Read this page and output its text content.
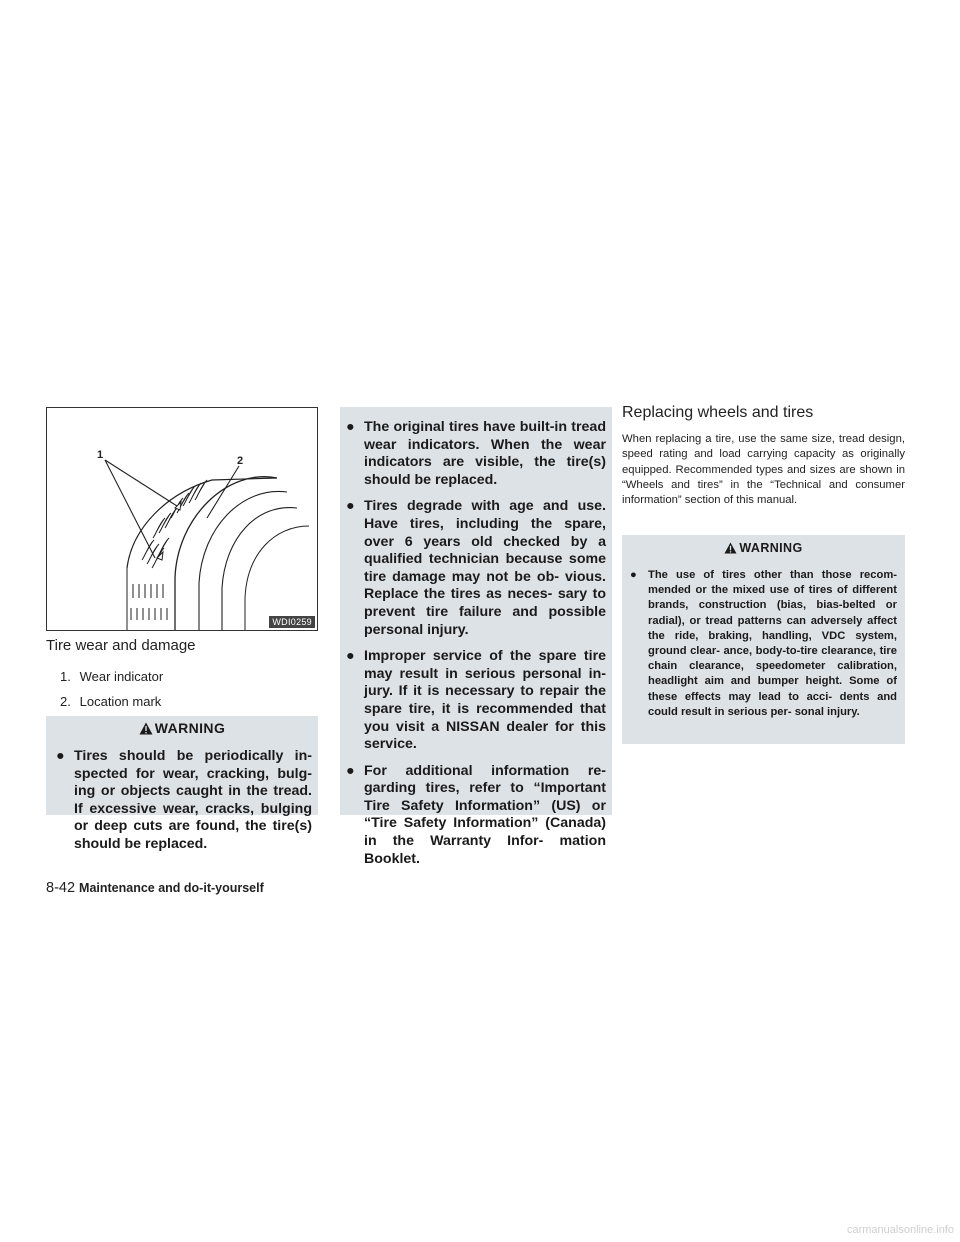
1	2
WDI0259
Tire wear and damage
1. Wear indicator
2. Location mark
WARNING
● Tires should be periodically in- spected for wear, cracking, bulg- ing or objects caught in the tread. If excessive wear, cracks, bulging or deep cuts are found, the tire(s) should be replaced.
● The original tires have built-in tread wear indicators. When the wear indicators are visible, the tire(s) should be replaced.
● Tires degrade with age and use. Have tires, including the spare, over 6 years old checked by a qualified technician because some tire damage may not be ob- vious. Replace the tires as neces- sary to prevent tire failure and possible personal injury.
● Improper service of the spare tire may result in serious personal in- jury. If it is necessary to repair the spare tire, it is recommended that you visit a NISSAN dealer for this service.
● For additional information re- garding tires, refer to “Important Tire Safety Information” (US) or “Tire Safety Information” (Canada) in the Warranty Infor- mation Booklet.
Replacing wheels and tires

When replacing a tire, use the same size, tread design, speed rating and load carrying capacity as originally equipped. Recommended types and sizes are shown in “Wheels and tires” in the “Technical and consumer information” section of this manual.

WARNING
● The use of tires other than those recom- mended or the mixed use of tires of different brands, construction (bias, bias-belted or radial), or tread patterns can adversely affect the ride, braking, handling, VDC system, ground clear- ance, body-to-tire clearance, tire chain clearance, speedometer calibration, headlight aim and bumper height. Some of these effects may lead to acci- dents and could result in serious per- sonal injury.
8-42 Maintenance and do-it-yourself
carmanualsonline.info
